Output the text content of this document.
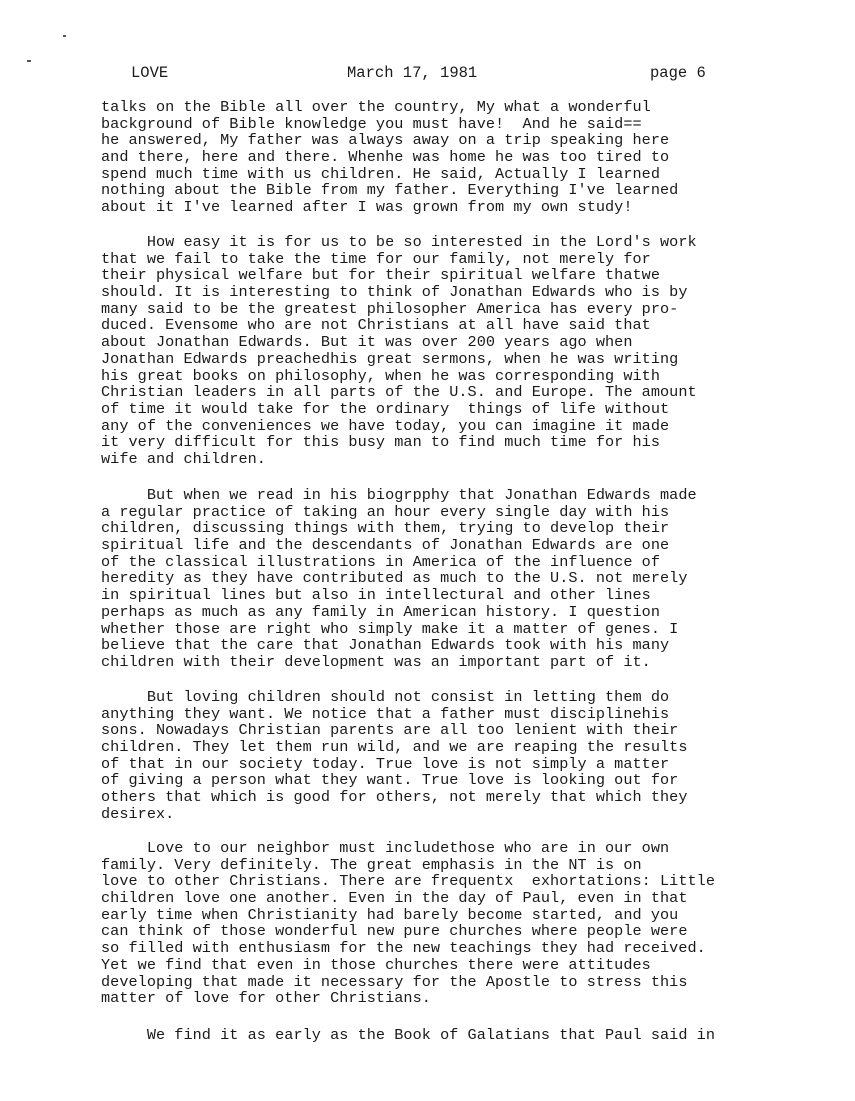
LOVE	March 17, 1981	page 6
talks on the Bible all over the country, My what a wonderful
background of Bible knowledge you must have!  And he said==
he answered, My father was always away on a trip speaking here
and there, here and there. Whenhe was home he was too tired to
spend much time with us children. He said, Actually I learned
nothing about the Bible from my father. Everything I've learned
about it I've learned after I was grown from my own study!
How easy it is for us to be so interested in the Lord's work
that we fail to take the time for our family, not merely for
their physical welfare but for their spiritual welfare thatwe
should. It is interesting to think of Jonathan Edwards who is by
many said to be the greatest philosopher America has every pro-
duced. Evensome who are not Christians at all have said that
about Jonathan Edwards. But it was over 200 years ago when
Jonathan Edwards preachedhis great sermons, when he was writing
his great books on philosophy, when he was corresponding with
Christian leaders in all parts of the U.S. and Europe. The amount
of time it would take for the ordinary  things of life without
any of the conveniences we have today, you can imagine it made
it very difficult for this busy man to find much time for his
wife and children.
But when we read in his biogrpphy that Jonathan Edwards made
a regular practice of taking an hour every single day with his
children, discussing things with them, trying to develop their
spiritual life and the descendants of Jonathan Edwards are one
of the classical illustrations in America of the influence of
heredity as they have contributed as much to the U.S. not merely
in spiritual lines but also in intellectural and other lines
perhaps as much as any family in American history. I question
whether those are right who simply make it a matter of genes. I
believe that the care that Jonathan Edwards took with his many
children with their development was an important part of it.
But loving children should not consist in letting them do
anything they want. We notice that a father must disciplinehis
sons. Nowadays Christian parents are all too lenient with their
children. They let them run wild, and we are reaping the results
of that in our society today. True love is not simply a matter
of giving a person what they want. True love is looking out for
others that which is good for others, not merely that which they
desirex.
Love to our neighbor must includethose who are in our own
family. Very definitely. The great emphasis in the NT is on
love to other Christians. There are frequentx  exhortations: Little
children love one another. Even in the day of Paul, even in that
early time when Christianity had barely become started, and you
can think of those wonderful new pure churches where people were
so filled with enthusiasm for the new teachings they had received.
Yet we find that even in those churches there were attitudes
developing that made it necessary for the Apostle to stress this
matter of love for other Christians.
We find it as early as the Book of Galatians that Paul said in
